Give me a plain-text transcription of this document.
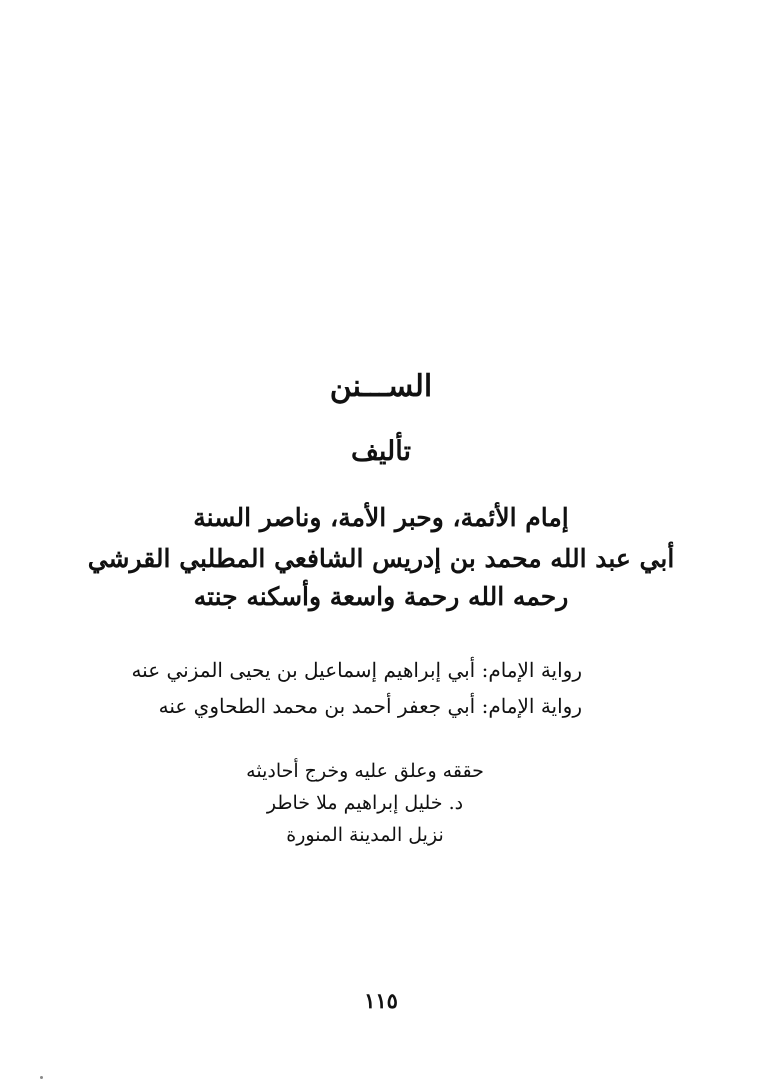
الســـنن
تأليف
إمام الأئمة، وحبر الأمة، وناصر السنة
أبي عبد الله محمد بن إدريس الشافعي المطلبي القرشي
رحمه الله رحمة واسعة وأسكنه جنته
رواية الإمام: أبي إبراهيم إسماعيل بن يحيى المزني عنه
رواية الإمام: أبي جعفر أحمد بن محمد الطحاوي عنه
حققه وعلق عليه وخرج أحاديثه
د. خليل إبراهيم ملا خاطر
نزيل المدينة المنورة
١١٥
